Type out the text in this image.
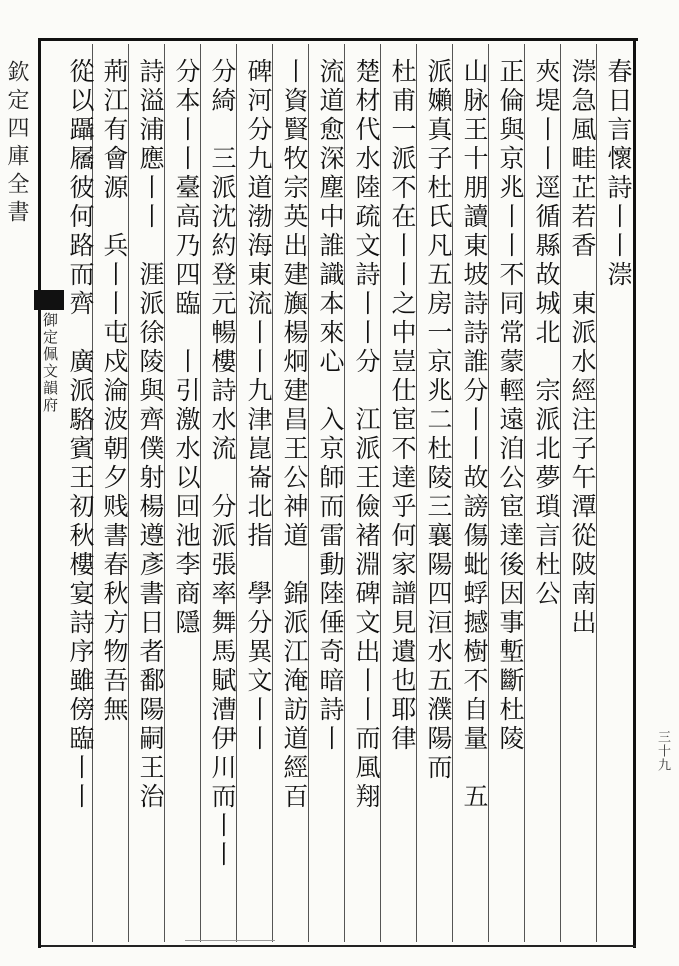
欽定四庫全書
御定佩文韻府
三十九
春日言懷詩丨丨漴
漴急風畦芷若香　東派水經注子午潭從陂南出
夾堤丨丨逕循縣故城北　宗派北夢瑣言杜公
正倫與京兆丨丨不同常蒙輕遠洎公宦達後因事塹斷杜陵
山脉王十朋讀東坡詩詩誰分丨丨故謗傷蚍蜉撼樹不自量　五
派嬾真子杜氏凡五房一京兆二杜陵三襄陽四洹水五濮陽而
杜甫一派不在丨丨之中豈仕宦不達乎何家譜見遺也耶律
楚材代水陸疏文詩丨丨分　江派王儉褚淵碑文出丨丨而風翔
流道愈深塵中誰識本來心　入京師而雷動陸倕奇暗詩丨
丨資賢牧宗英出建旟楊炯建昌王公神道　錦派江淹訪道經百
碑河分九道渤海東流丨丨九津崑崙北指　學分異文丨丨
分綺　三派沈約登元暢樓詩水流　分派張率舞馬賦漕伊川而丨丨
分本丨丨臺高乃四臨　丨引激水以回池李商隱
詩溢浦應丨丨　涯派徐陵與齊僕射楊遵彥書日者鄱陽嗣王治
荊江有會源　兵丨丨屯戍淪波朝夕贱書春秋方物吾無
從以躡屩彼何路而齊　廣派駱賓王初秋樓宴詩序雖傍臨丨丨
